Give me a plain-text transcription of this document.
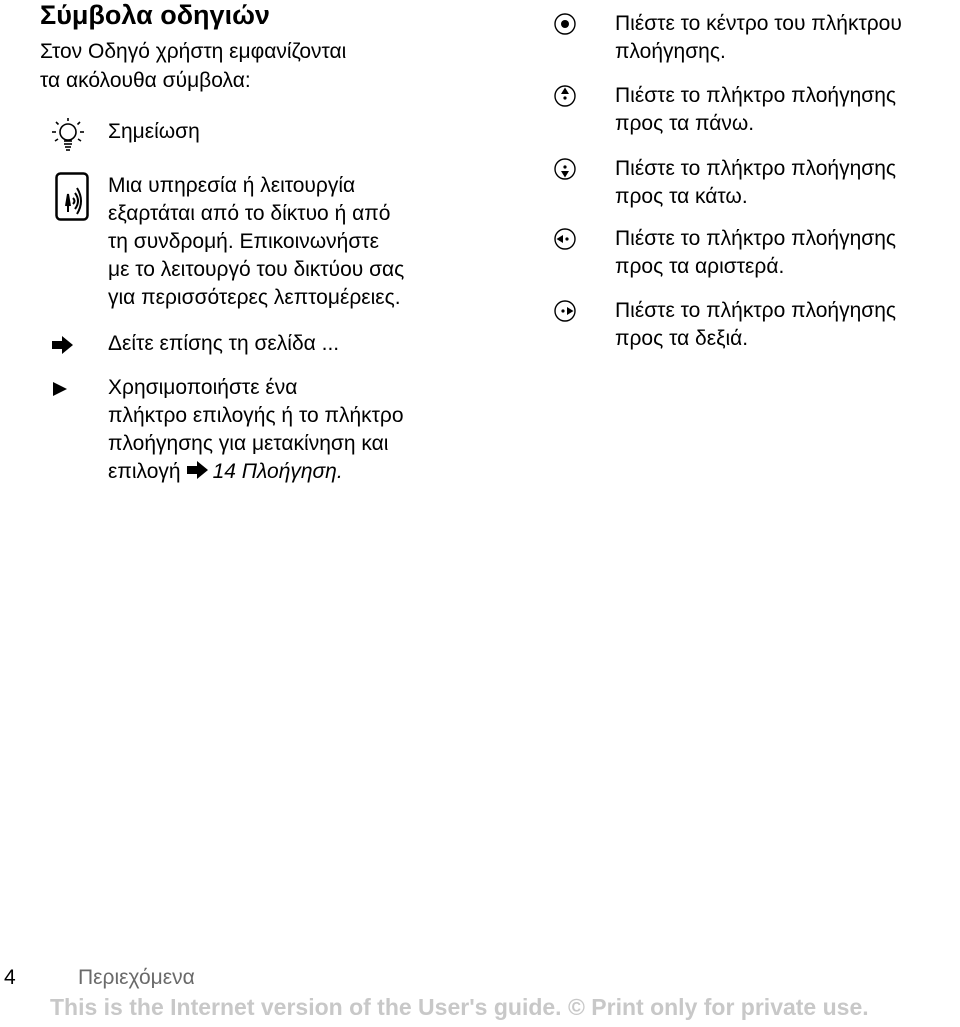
Σύμβολα οδηγιών
Στον Οδηγό χρήστη εμφανίζονται
τα ακόλουθα σύμβολα:
Σημείωση
Μια υπηρεσία ή λειτουργία
εξαρτάται από το δίκτυο ή από
τη συνδρομή. Επικοινωνήστε
με το λειτουργό του δικτύου σας
για περισσότερες λεπτομέρειες.
Δείτε επίσης τη σελίδα ...
Χρησιμοποιήστε ένα
πλήκτρο επιλογής ή το πλήκτρο
πλοήγησης για μετακίνηση και
επιλογή 14 Πλοήγηση.
Πιέστε το κέντρο του πλήκτρου
πλοήγησης.
Πιέστε το πλήκτρο πλοήγησης
προς τα πάνω.
Πιέστε το πλήκτρο πλοήγησης
προς τα κάτω.
Πιέστε το πλήκτρο πλοήγησης
προς τα αριστερά.
Πιέστε το πλήκτρο πλοήγησης
προς τα δεξιά.
4	Περιεχόμενα
This is the Internet version of the User's guide. © Print only for private use.
